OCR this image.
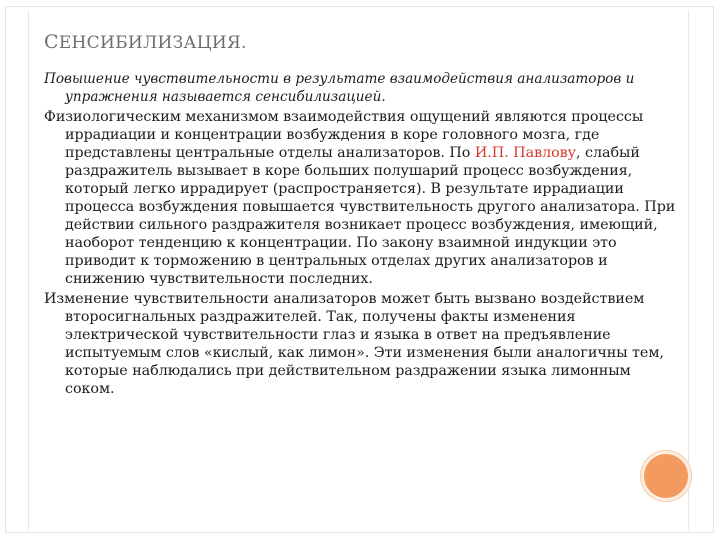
СЕНСИБИЛИЗАЦИЯ.

Повышение чувствительности в результате взаимодействия анализаторов и упражнения называется сенсибилизацией.

Физиологическим механизмом взаимодействия ощущений являются процессы иррадиации и концентрации возбуждения в коре головного мозга, где представлены центральные отделы анализаторов. По И.П. Павлову, слабый раздражитель вызывает в коре больших полушарий процесс возбуждения, который легко иррадирует (распространяется). В результате иррадиации процесса возбуждения повышается чувствительность другого анализатора. При действии сильного раздражителя возникает процесс возбуждения, имеющий, наоборот тенденцию к концентрации. По закону взаимной индукции это приводит к торможению в центральных отделах других анализаторов и снижению чувствительности последних.

Изменение чувствительности анализаторов может быть вызвано воздействием второсигнальных раздражителей. Так, получены факты изменения электрической чувствительности глаз и языка в ответ на предъявление испытуемым слов «кислый, как лимон». Эти изменения были аналогичны тем, которые наблюдались при действительном раздражении языка лимонным соком.
